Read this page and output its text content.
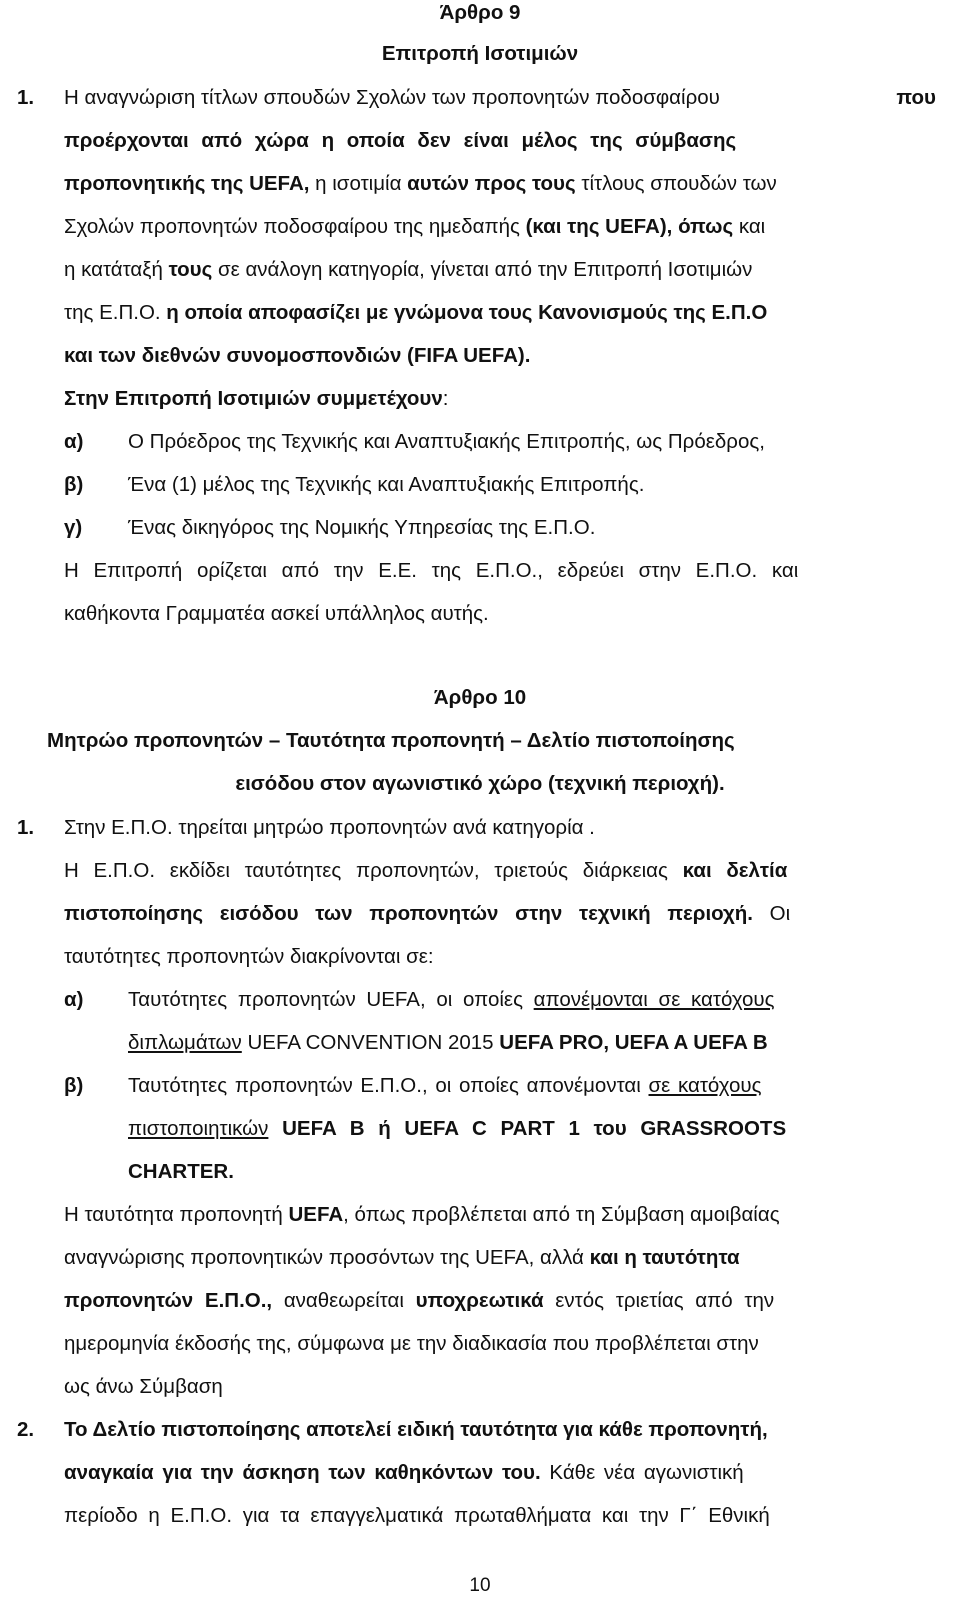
Άρθρο 9
Επιτροπή Ισοτιμιών
1. Η αναγνώριση τίτλων σπουδών Σχολών των προπονητών ποδοσφαίρου	που
προέρχονται από χώρα η οποία δεν είναι μέλος της σύμβασης
προπονητικής της UEFA, η ισοτιμία αυτών προς τους τίτλους σπουδών των
Σχολών προπονητών ποδοσφαίρου της ημεδαπής (και της UEFA), όπως και
η κατάταξή τους σε ανάλογη κατηγορία, γίνεται από την Επιτροπή Ισοτιμιών
της Ε.Π.Ο. η οποία αποφασίζει με γνώμονα τους Κανονισμούς της Ε.Π.Ο
και των διεθνών συνομοσπονδιών (FIFA UEFA).
Στην Επιτροπή Ισοτιμιών συμμετέχουν:
α) Ο Πρόεδρος της Τεχνικής και Αναπτυξιακής Επιτροπής, ως Πρόεδρος,
β) Ένα (1) μέλος της Τεχνικής και Αναπτυξιακής Επιτροπής.
γ) Ένας δικηγόρος της Νομικής Υπηρεσίας της Ε.Π.Ο.
Η Επιτροπή ορίζεται από την Ε.Ε. της Ε.Π.Ο., εδρεύει στην Ε.Π.Ο. και
καθήκοντα Γραμματέα ασκεί υπάλληλος αυτής.
Άρθρο 10
Μητρώο προπονητών – Ταυτότητα προπονητή – Δελτίο πιστοποίησης
εισόδου στον αγωνιστικό χώρο (τεχνική περιοχή).
1. Στην Ε.Π.Ο. τηρείται μητρώο προπονητών ανά κατηγορία .
Η Ε.Π.Ο. εκδίδει ταυτότητες προπονητών, τριετούς διάρκειας και δελτία
πιστοποίησης εισόδου των προπονητών στην τεχνική περιοχή. Οι
ταυτότητες προπονητών διακρίνονται σε:
α) Ταυτότητες προπονητών UEFA, οι οποίες απονέμονται σε κατόχους
διπλωμάτων UEFA CONVENTION 2015 UEFA PRO, UEFA A UEFA B
β) Ταυτότητες προπονητών Ε.Π.Ο., οι οποίες απονέμονται σε κατόχους
πιστοποιητικών UEFA B ή UEFA C PART 1 του GRASSROOTS
CHARTER.
Η ταυτότητα προπονητή UEFA, όπως προβλέπεται από τη Σύμβαση αμοιβαίας
αναγνώρισης προπονητικών προσόντων της UEFA, αλλά και η ταυτότητα
προπονητών Ε.Π.Ο., αναθεωρείται υποχρεωτικά εντός τριετίας από την
ημερομηνία έκδοσής της, σύμφωνα με την διαδικασία που προβλέπεται στην
ως άνω Σύμβαση
2. Το Δελτίο πιστοποίησης αποτελεί ειδική ταυτότητα για κάθε προπονητή,
αναγκαία για την άσκηση των καθηκόντων του. Κάθε νέα αγωνιστική
περίοδο η Ε.Π.Ο. για τα επαγγελματικά πρωταθλήματα και την Γ΄ Εθνική
10
